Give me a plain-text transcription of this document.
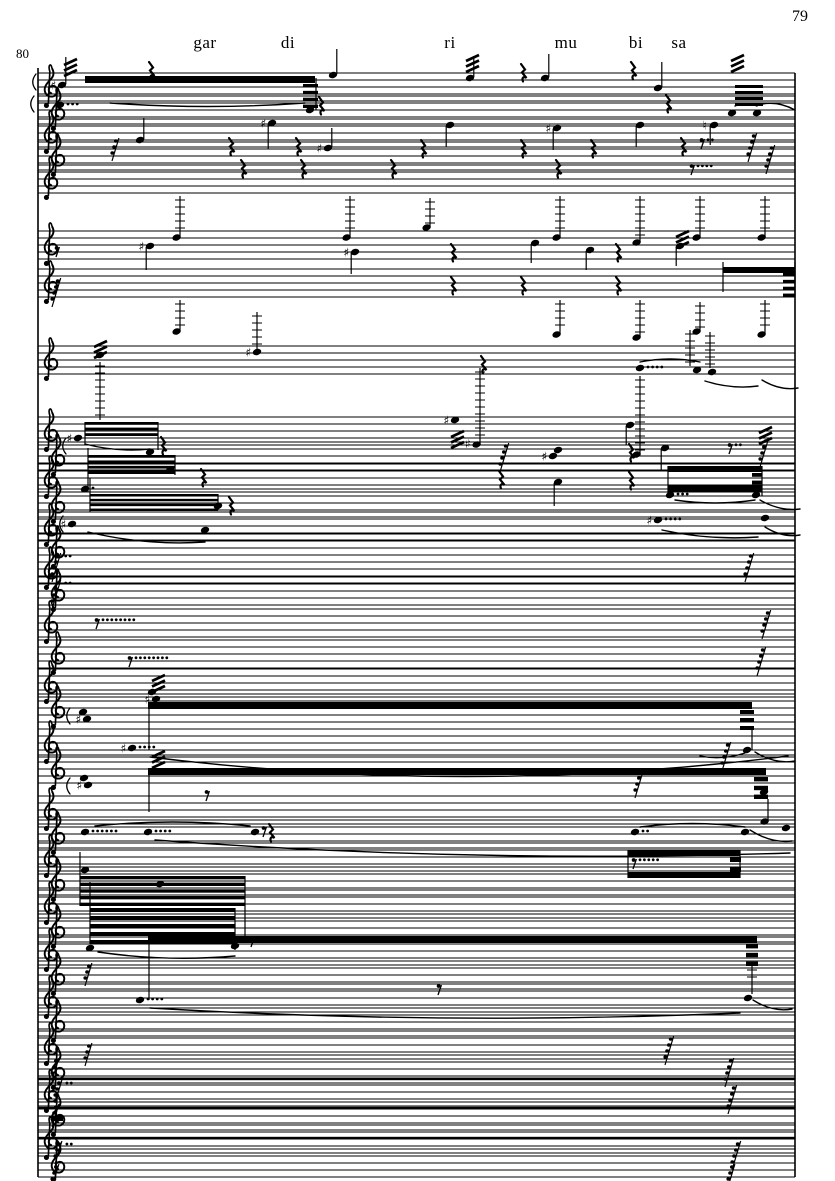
79
80
gar	di	ri	mu	bi sa
♯
♯
♯
♯
♯	♮
♯	♯
♯
♯
♯
♯
♯
♯
♯
♯
♯
♯
